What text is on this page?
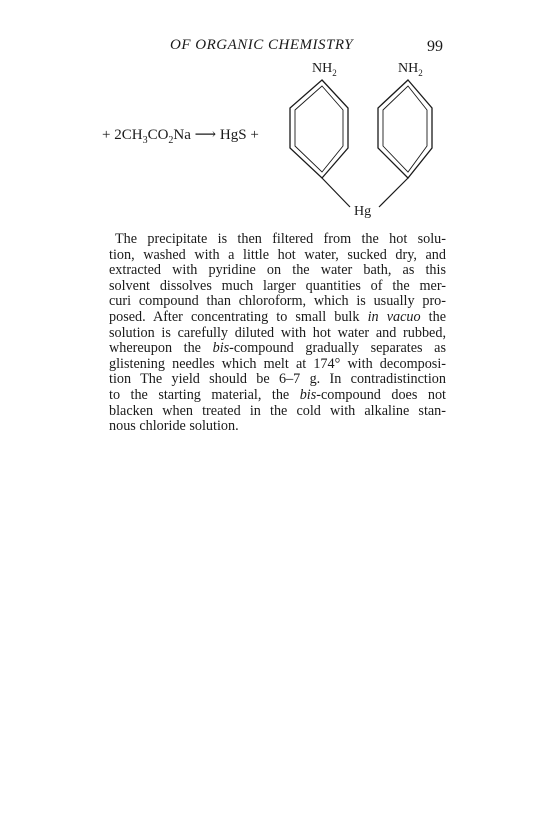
OF ORGANIC CHEMISTRY	99
+ $2CH_3CO_2Na$ ⟶ HgS +
$NH_2$	$NH_2$
Hg
The precipitate is then filtered from the hot solu-
tion, washed with a little hot water, sucked dry, and
extracted with pyridine on the water bath, as this
solvent dissolves much larger quantities of the mer-
curi compound than chloroform, which is usually pro-
posed. After concentrating to small bulk in vacuo the
solution is carefully diluted with hot water and rubbed,
whereupon the bis-compound gradually separates as
glistening needles which melt at 174° with decomposi-
tion The yield should be 6–7 g. In contradistinction
to the starting material, the bis-compound does not
blacken when treated in the cold with alkaline stan-
nous chloride solution.
